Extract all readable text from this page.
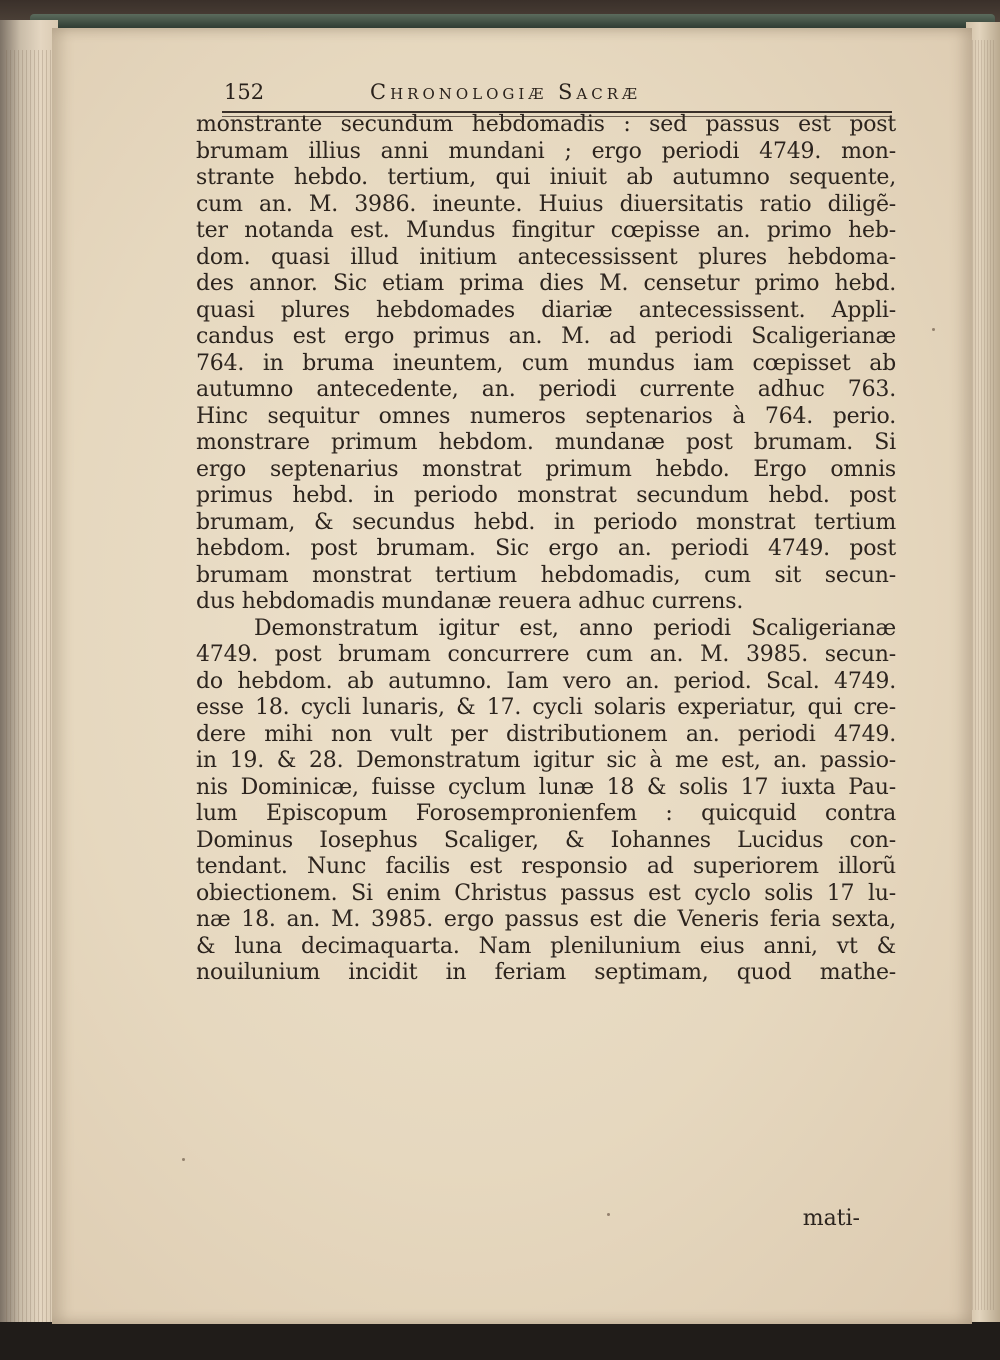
152	Chronologiæ Sacræ
monstrante secundum hebdomadis : sed passus est post
brumam illius anni mundani ; ergo periodi 4749. mon-
strante hebdo. tertium, qui iniuit ab autumno sequente,
cum an. M. 3986. ineunte. Huius diuersitatis ratio diligẽ-
ter notanda est. Mundus fingitur cœpisse an. primo heb-
dom. quasi illud initium antecessissent plures hebdoma-
des annor. Sic etiam prima dies M. censetur primo hebd.
quasi plures hebdomades diariæ antecessissent. Appli-
candus est ergo primus an. M. ad periodi Scaligerianæ
764. in bruma ineuntem, cum mundus iam cœpisset ab
autumno antecedente, an. periodi currente adhuc 763.
Hinc sequitur omnes numeros septenarios à 764. perio.
monstrare primum hebdom. mundanæ post brumam. Si
ergo septenarius monstrat primum hebdo. Ergo omnis
primus hebd. in periodo monstrat secundum hebd. post
brumam, & secundus hebd. in periodo monstrat tertium
hebdom. post brumam. Sic ergo an. periodi 4749. post
brumam monstrat tertium hebdomadis, cum sit secun-
dus hebdomadis mundanæ reuera adhuc currens.
Demonstratum igitur est, anno periodi Scaligerianæ
4749. post brumam concurrere cum an. M. 3985. secun-
do hebdom. ab autumno. Iam vero an. period. Scal. 4749.
esse 18. cycli lunaris, & 17. cycli solaris experiatur, qui cre-
dere mihi non vult per distributionem an. periodi 4749.
in 19. & 28. Demonstratum igitur sic à me est, an. passio-
nis Dominicæ, fuisse cyclum lunæ 18 & solis 17 iuxta Pau-
lum Episcopum Forosempronienfem : quicquid contra
Dominus Iosephus Scaliger, & Iohannes Lucidus con-
tendant. Nunc facilis est responsio ad superiorem illorũ
obiectionem. Si enim Christus passus est cyclo solis 17 lu-
næ 18. an. M. 3985. ergo passus est die Veneris feria sexta,
& luna decimaquarta. Nam plenilunium eius anni, vt &
nouilunium incidit in feriam septimam, quod mathe-
mati-
